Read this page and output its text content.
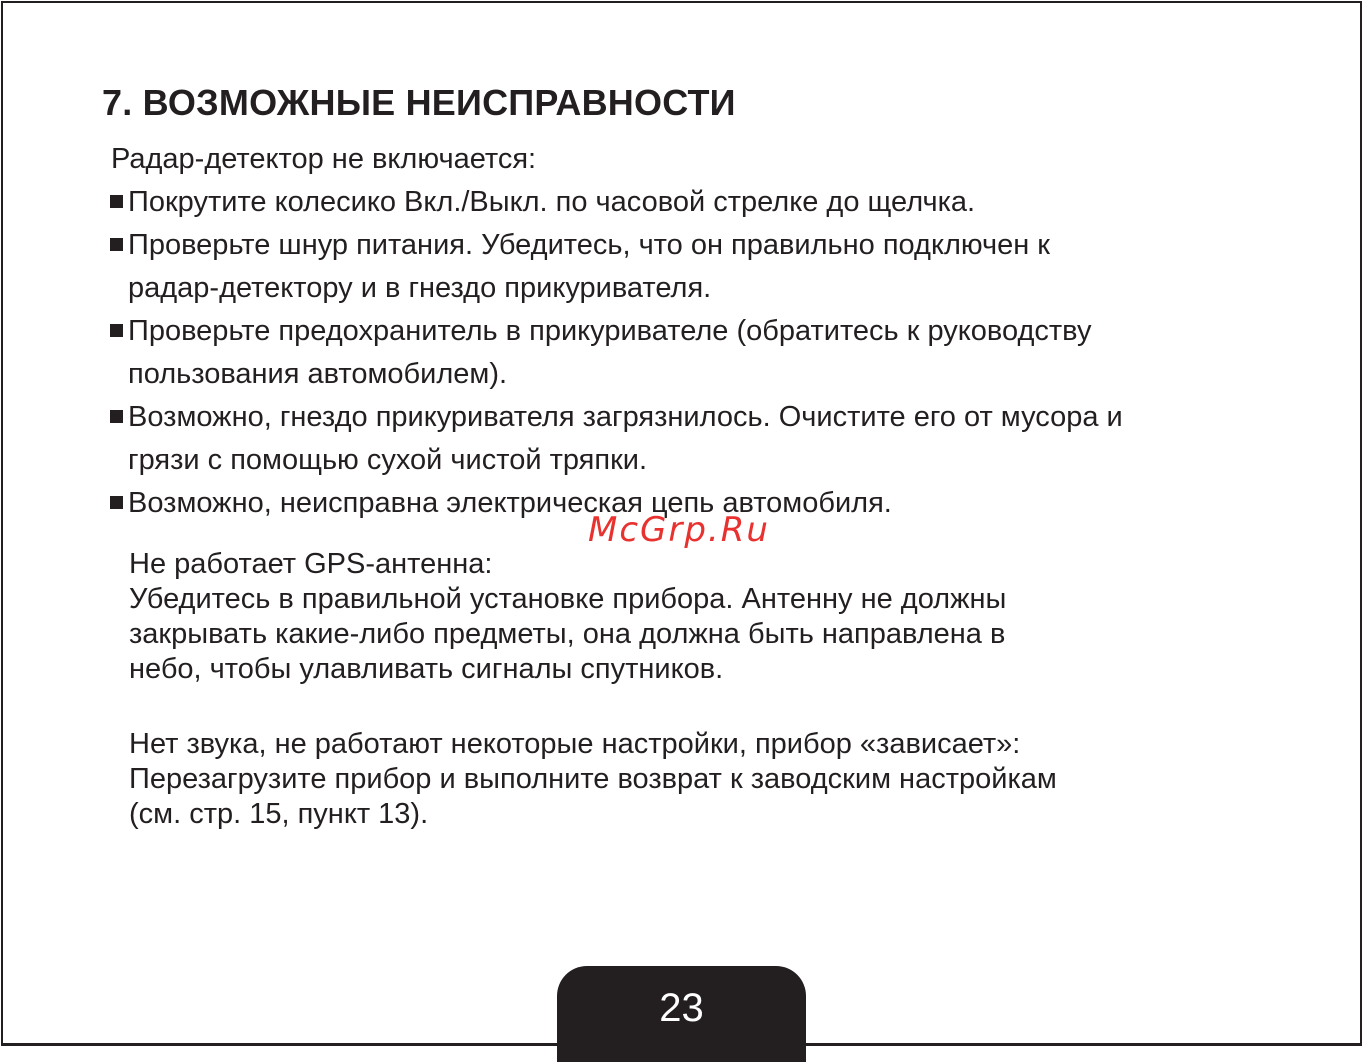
7. ВОЗМОЖНЫЕ НЕИСПРАВНОСТИ
Радар-детектор не включается:
Покрутите колесико Вкл./Выкл. по часовой стрелке до щелчка.
Проверьте шнур питания. Убедитесь, что он правильно подключен к
радар-детектору и в гнездо прикуривателя.
Проверьте предохранитель в прикуривателе (обратитесь к руководству
пользования автомобилем).
Возможно, гнездо прикуривателя загрязнилось. Очистите его от мусора и
грязи с помощью сухой чистой тряпки.
Возможно, неисправна электрическая цепь автомобиля.
McGrp.Ru

Не работает GPS-антенна:

Убедитесь в правильной установке прибора. Антенну не должны

закрывать какие-либо предметы, она должна быть направлена в

небо, чтобы улавливать сигналы спутников.

Нет звука, не работают некоторые настройки, прибор «зависает»:

Перезагрузите прибор и выполните возврат к заводским настройкам

(см. стр. 15, пункт 13).

23
